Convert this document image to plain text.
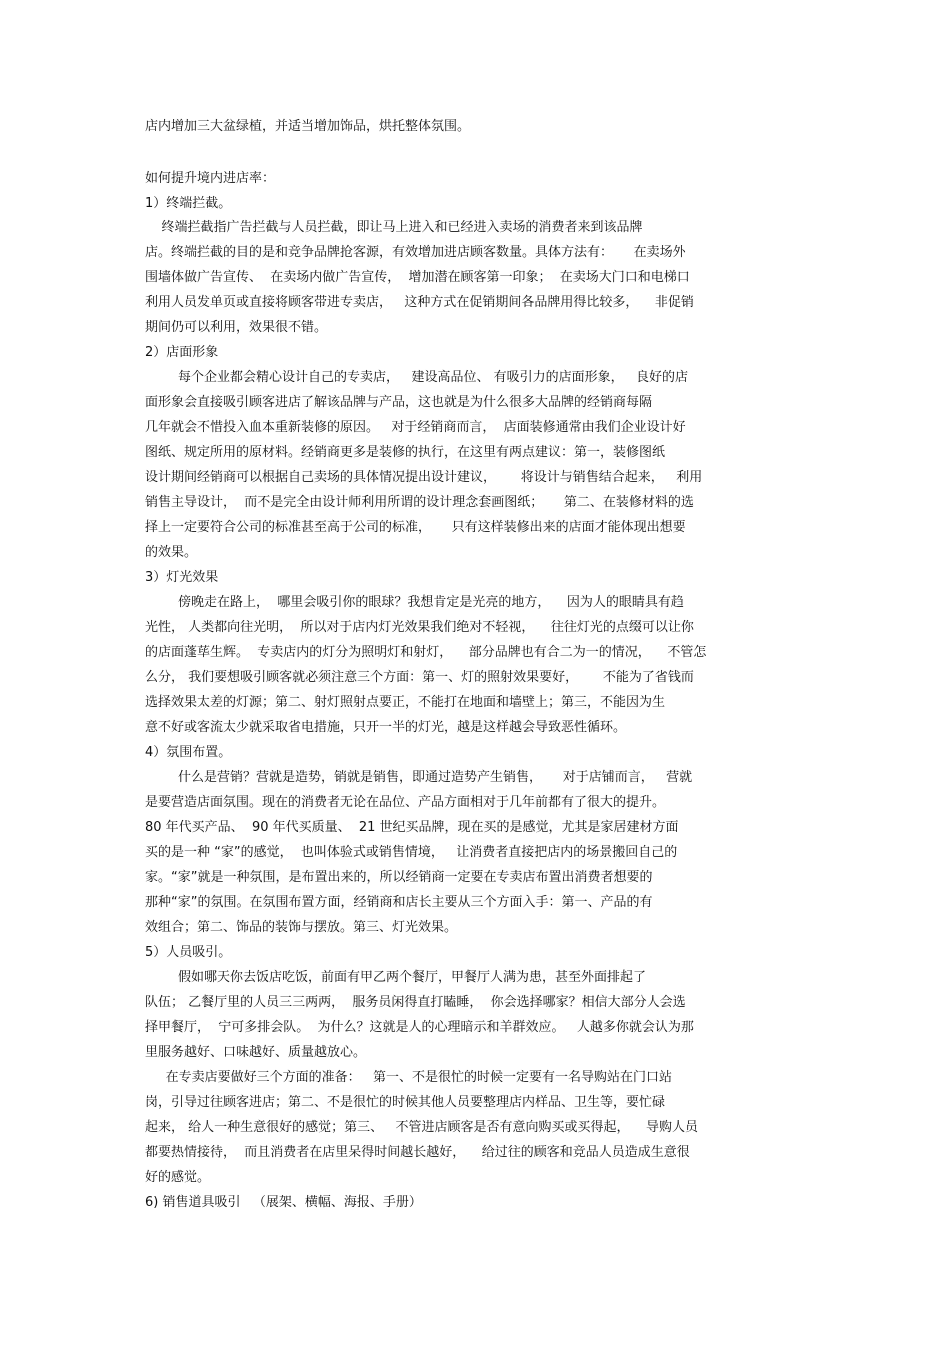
店内增加三大盆绿植，并适当增加饰品，烘托整体氛围。

如何提升境内进店率：

1）终端拦截。

终端拦截指广告拦截与人员拦截，即让马上进入和已经进入卖场的消费者来到该品牌

店。终端拦截的目的是和竞争品牌抢客源，有效增加进店顾客数量。具体方法有：     在卖场外

围墙体做广告宣传、  在卖场内做广告宣传，  增加潜在顾客第一印象；  在卖场大门口和电梯口

利用人员发单页或直接将顾客带进专卖店，   这种方式在促销期间各品牌用得比较多，    非促销

期间仍可以利用，效果很不错。

2）店面形象

每个企业都会精心设计自己的专卖店，   建设高品位、 有吸引力的店面形象，   良好的店

面形象会直接吸引顾客进店了解该品牌与产品，这也就是为什么很多大品牌的经销商每隔

几年就会不惜投入血本重新装修的原因。   对于经销商而言，  店面装修通常由我们企业设计好

图纸、规定所用的原材料。经销商更多是装修的执行，在这里有两点建议：第一，装修图纸

设计期间经销商可以根据自己卖场的具体情况提出设计建议，      将设计与销售结合起来，   利用

销售主导设计，  而不是完全由设计师利用所谓的设计理念套画图纸；     第二、在装修材料的选

择上一定要符合公司的标准甚至高于公司的标准，     只有这样装修出来的店面才能体现出想要

的效果。

3）灯光效果

傍晚走在路上，  哪里会吸引你的眼球？我想肯定是光亮的地方，    因为人的眼睛具有趋

光性， 人类都向往光明，  所以对于店内灯光效果我们绝对不轻视，    往往灯光的点缀可以让你

的店面蓬荜生辉。  专卖店内的灯分为照明灯和射灯，    部分品牌也有合二为一的情况，    不管怎

么分， 我们要想吸引顾客就必须注意三个方面：第一、灯的照射效果要好，      不能为了省钱而

选择效果太差的灯源；第二、射灯照射点要正，不能打在地面和墙壁上；第三，不能因为生

意不好或客流太少就采取省电措施，只开一半的灯光，越是这样越会导致恶性循环。

4）氛围布置。

什么是营销？营就是造势，销就是销售，即通过造势产生销售，     对于店铺而言，   营就

是要营造店面氛围。现在的消费者无论在品位、产品方面相对于几年前都有了很大的提升。

80 年代买产品、  90 年代买质量、  21 世纪买品牌，现在买的是感觉，尤其是家居建材方面

买的是一种 “家”的感觉，  也叫体验式或销售情境，   让消费者直接把店内的场景搬回自己的

家。“家”就是一种氛围，是布置出来的，所以经销商一定要在专卖店布置出消费者想要的

那种“家”的氛围。在氛围布置方面，经销商和店长主要从三个方面入手：第一、产品的有

效组合；第二、饰品的装饰与摆放。第三、灯光效果。

5）人员吸引。

假如哪天你去饭店吃饭，前面有甲乙两个餐厅，甲餐厅人满为患，甚至外面排起了

队伍； 乙餐厅里的人员三三两两，  服务员闲得直打瞌睡，  你会选择哪家？相信大部分人会选

择甲餐厅，  宁可多排会队。  为什么？这就是人的心理暗示和羊群效应。   人越多你就会认为那

里服务越好、口味越好、质量越放心。

在专卖店要做好三个方面的准备：   第一、不是很忙的时候一定要有一名导购站在门口站

岗，引导过往顾客进店；第二、不是很忙的时候其他人员要整理店内样品、卫生等，要忙碌

起来， 给人一种生意很好的感觉；第三、   不管进店顾客是否有意向购买或买得起，    导购人员

都要热情接待，  而且消费者在店里呆得时间越长越好，    给过往的顾客和竞品人员造成生意很

好的感觉。

6) 销售道具吸引   （展架、横幅、海报、手册）
